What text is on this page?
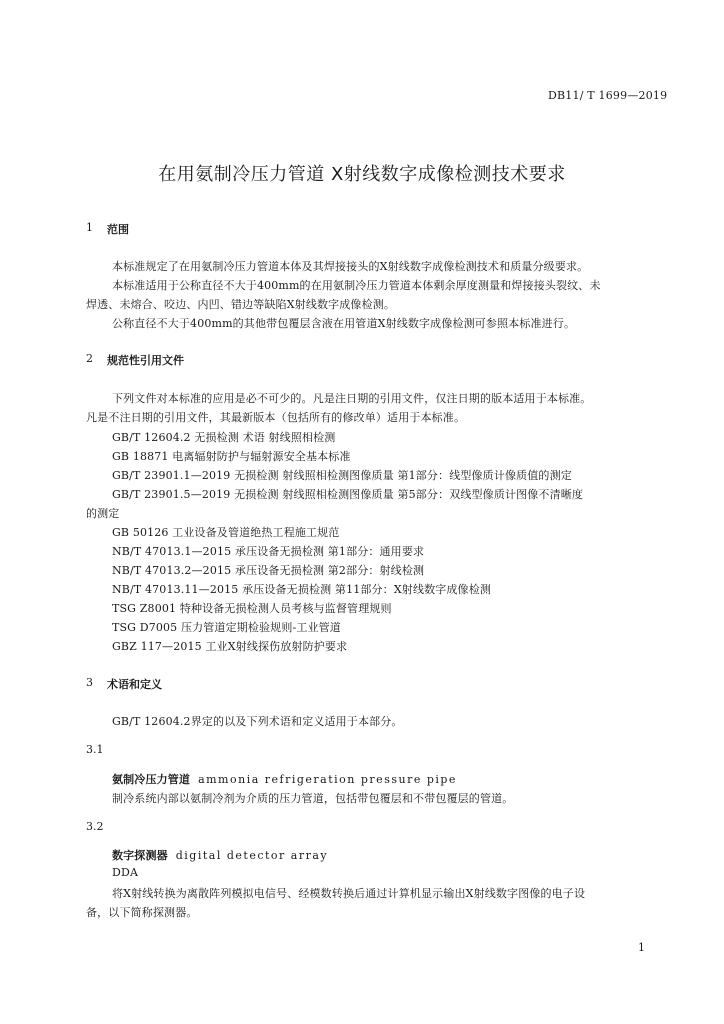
DB11/ T 1699—2019
在用氨制冷压力管道 X射线数字成像检测技术要求
1 范围
本标准规定了在用氨制冷压力管道本体及其焊接接头的X射线数字成像检测技术和质量分级要求。
本标准适用于公称直径不大于400mm的在用氨制冷压力管道本体剩余厚度测量和焊接接头裂纹、未
焊透、未熔合、咬边、内凹、错边等缺陷X射线数字成像检测。
公称直径不大于400mm的其他带包覆层含液在用管道X射线数字成像检测可参照本标准进行。
2 规范性引用文件
下列文件对本标准的应用是必不可少的。凡是注日期的引用文件，仅注日期的版本适用于本标准。
凡是不注日期的引用文件，其最新版本（包括所有的修改单）适用于本标准。
GB/T 12604.2 无损检测 术语 射线照相检测
GB 18871 电离辐射防护与辐射源安全基本标准
GB/T 23901.1—2019 无损检测 射线照相检测图像质量 第1部分：线型像质计像质值的测定
GB/T 23901.5—2019 无损检测 射线照相检测图像质量 第5部分：双线型像质计图像不清晰度
的测定
GB 50126 工业设备及管道绝热工程施工规范
NB/T 47013.1—2015 承压设备无损检测 第1部分：通用要求
NB/T 47013.2—2015 承压设备无损检测 第2部分：射线检测
NB/T 47013.11—2015 承压设备无损检测 第11部分：X射线数字成像检测
TSG Z8001 特种设备无损检测人员考核与监督管理规则
TSG D7005 压力管道定期检验规则-工业管道
GBZ 117—2015 工业X射线探伤放射防护要求
3 术语和定义
GB/T 12604.2界定的以及下列术语和定义适用于本部分。
3.1
氨制冷压力管道 ammonia refrigeration pressure pipe
制冷系统内部以氨制冷剂为介质的压力管道，包括带包覆层和不带包覆层的管道。
3.2
数字探测器 digital detector array
DDA
将X射线转换为离散阵列模拟电信号、经模数转换后通过计算机显示输出X射线数字图像的电子设
备，以下简称探测器。
1
